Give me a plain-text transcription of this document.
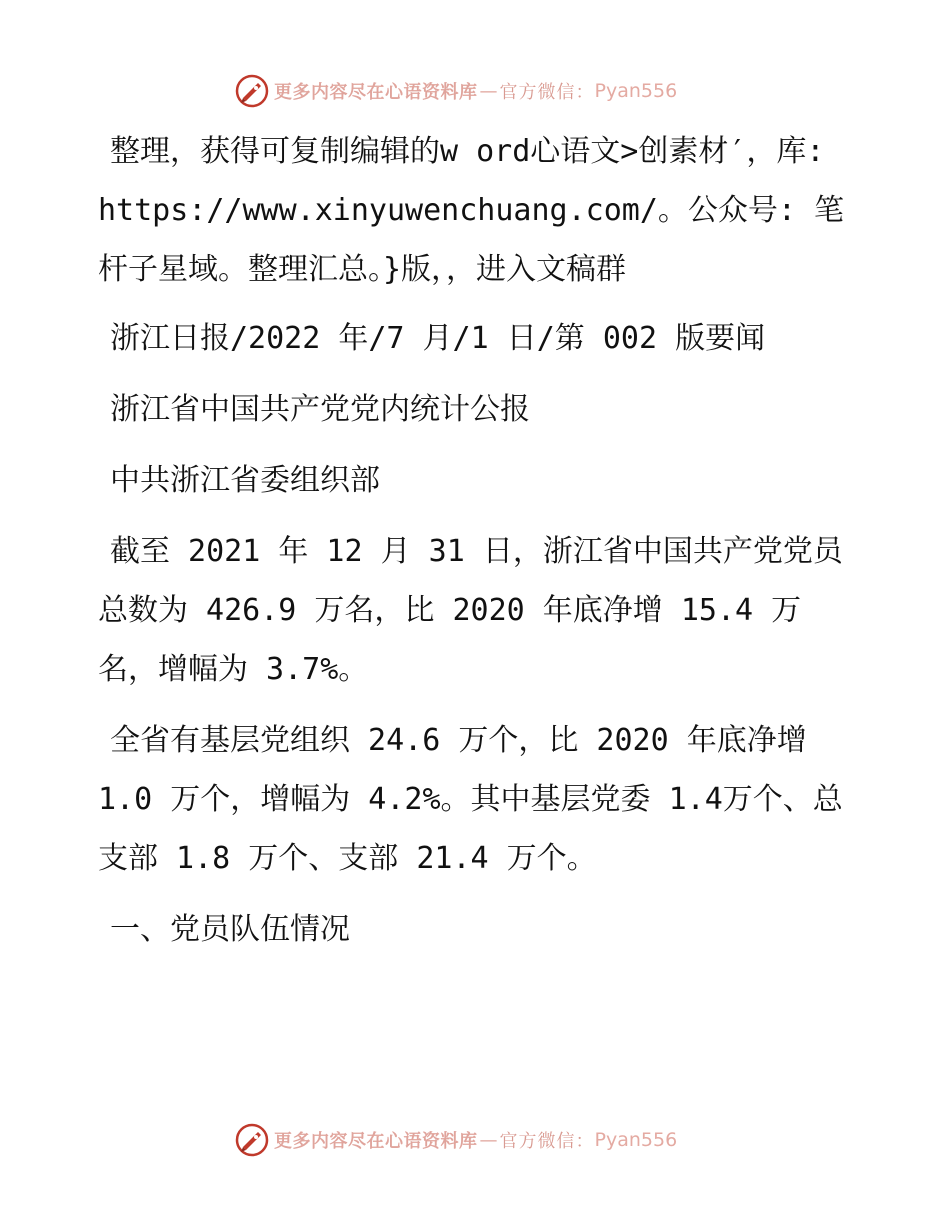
更多内容尽在心语资料库 — 官方微信： Pyan556

整理，获得可复制编辑的w ord心语文>创素材′，库: https://www.xinyuwenchuang.com/。公众号: 笔杆子星域。整理汇总。}版，，进入文稿群

浙江日报/2022 年/7 月/1 日/第 002 版要闻

浙江省中国共产党党内统计公报

中共浙江省委组织部

截至 2021 年 12 月 31 日，浙江省中国共产党党员总数为 426.9 万名，比 2020 年底净增 15.4 万名，增幅为 3.7%。

全省有基层党组织 24.6 万个，比 2020 年底净增 1.0 万个，增幅为 4.2%。其中基层党委 1.4万个、总支部 1.8 万个、支部 21.4 万个。

一、党员队伍情况

更多内容尽在心语资料库 — 官方微信： Pyan556
